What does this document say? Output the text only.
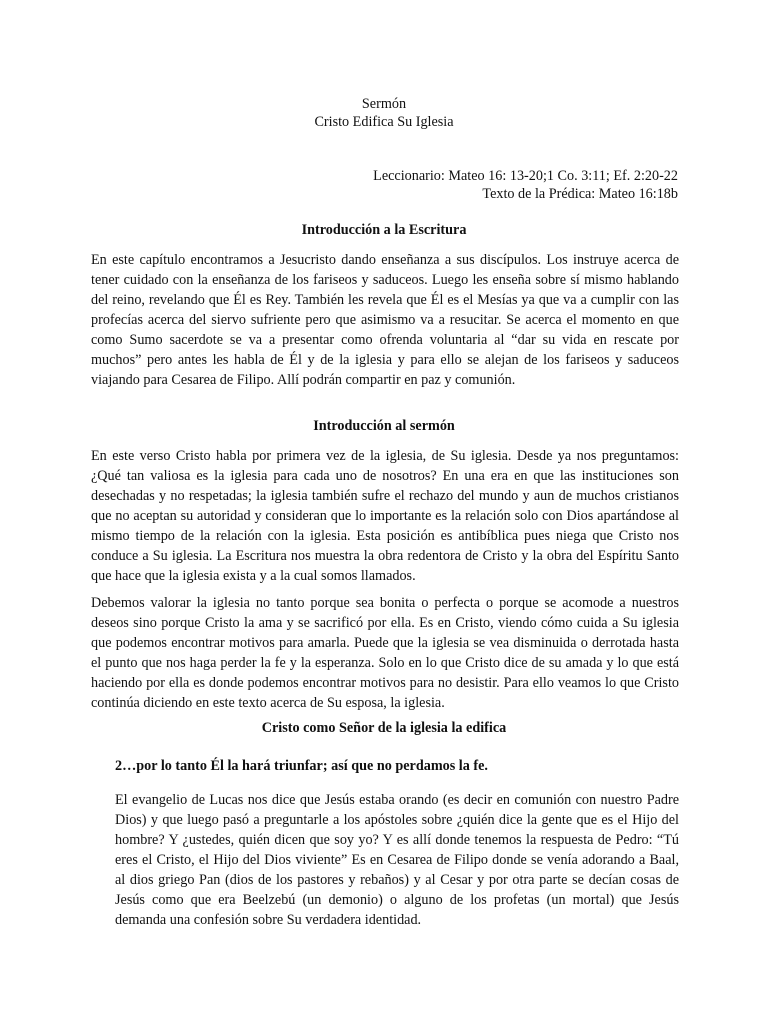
Sermón
Cristo Edifica Su Iglesia
Leccionario: Mateo 16: 13-20;1 Co. 3:11; Ef. 2:20-22
Texto de la Prédica: Mateo 16:18b
Introducción a la Escritura

En este capítulo encontramos a Jesucristo dando enseñanza a sus discípulos. Los instruye acerca de tener cuidado con la enseñanza de los fariseos y saduceos. Luego les enseña sobre sí mismo hablando del reino, revelando que Él es Rey. También les revela que Él es el Mesías ya que va a cumplir con las profecías acerca del siervo sufriente pero que asimismo va a resucitar. Se acerca el momento en que como Sumo sacerdote se va a presentar como ofrenda voluntaria al “dar su vida en rescate por muchos” pero antes les habla de Él y de la iglesia y para ello se alejan de los fariseos y saduceos viajando para Cesarea de Filipo. Allí podrán compartir en paz y comunión.

Introducción al sermón

En este verso Cristo habla por primera vez de la iglesia, de Su iglesia. Desde ya nos preguntamos: ¿Qué tan valiosa es la iglesia para cada uno de nosotros? En una era en que las instituciones son desechadas y no respetadas; la iglesia también sufre el rechazo del mundo y aun de muchos cristianos que no aceptan su autoridad y consideran que lo importante es la relación solo con Dios apartándose al mismo tiempo de la relación con la iglesia. Esta posición es antibíblica pues niega que Cristo nos conduce a Su iglesia. La Escritura nos muestra la obra redentora de Cristo y la obra del Espíritu Santo que hace que la iglesia exista y a la cual somos llamados.

Debemos valorar la iglesia no tanto porque sea bonita o perfecta o porque se acomode a nuestros deseos sino porque Cristo la ama y se sacrificó por ella. Es en Cristo, viendo cómo cuida a Su iglesia que podemos encontrar motivos para amarla. Puede que la iglesia se vea disminuida o derrotada hasta el punto que nos haga perder la fe y la esperanza. Solo en lo que Cristo dice de su amada y lo que está haciendo por ella es donde podemos encontrar motivos para no desistir. Para ello veamos lo que Cristo continúa diciendo en este texto acerca de Su esposa, la iglesia.

Cristo como Señor de la iglesia la edifica
2…por lo tanto Él la hará triunfar; así que no perdamos la fe.

El evangelio de Lucas nos dice que Jesús estaba orando (es decir en comunión con nuestro Padre Dios) y que luego pasó a preguntarle a los apóstoles sobre ¿quién dice la gente que es el Hijo del hombre? Y ¿ustedes, quién dicen que soy yo? Y es allí donde tenemos la respuesta de Pedro: “Tú eres el Cristo, el Hijo del Dios viviente” Es en Cesarea de Filipo donde se venía adorando a Baal, al dios griego Pan (dios de los pastores y rebaños) y al Cesar y por otra parte se decían cosas de Jesús como que era Beelzebú (un demonio) o alguno de los profetas (un mortal) que Jesús demanda una confesión sobre Su verdadera identidad.
